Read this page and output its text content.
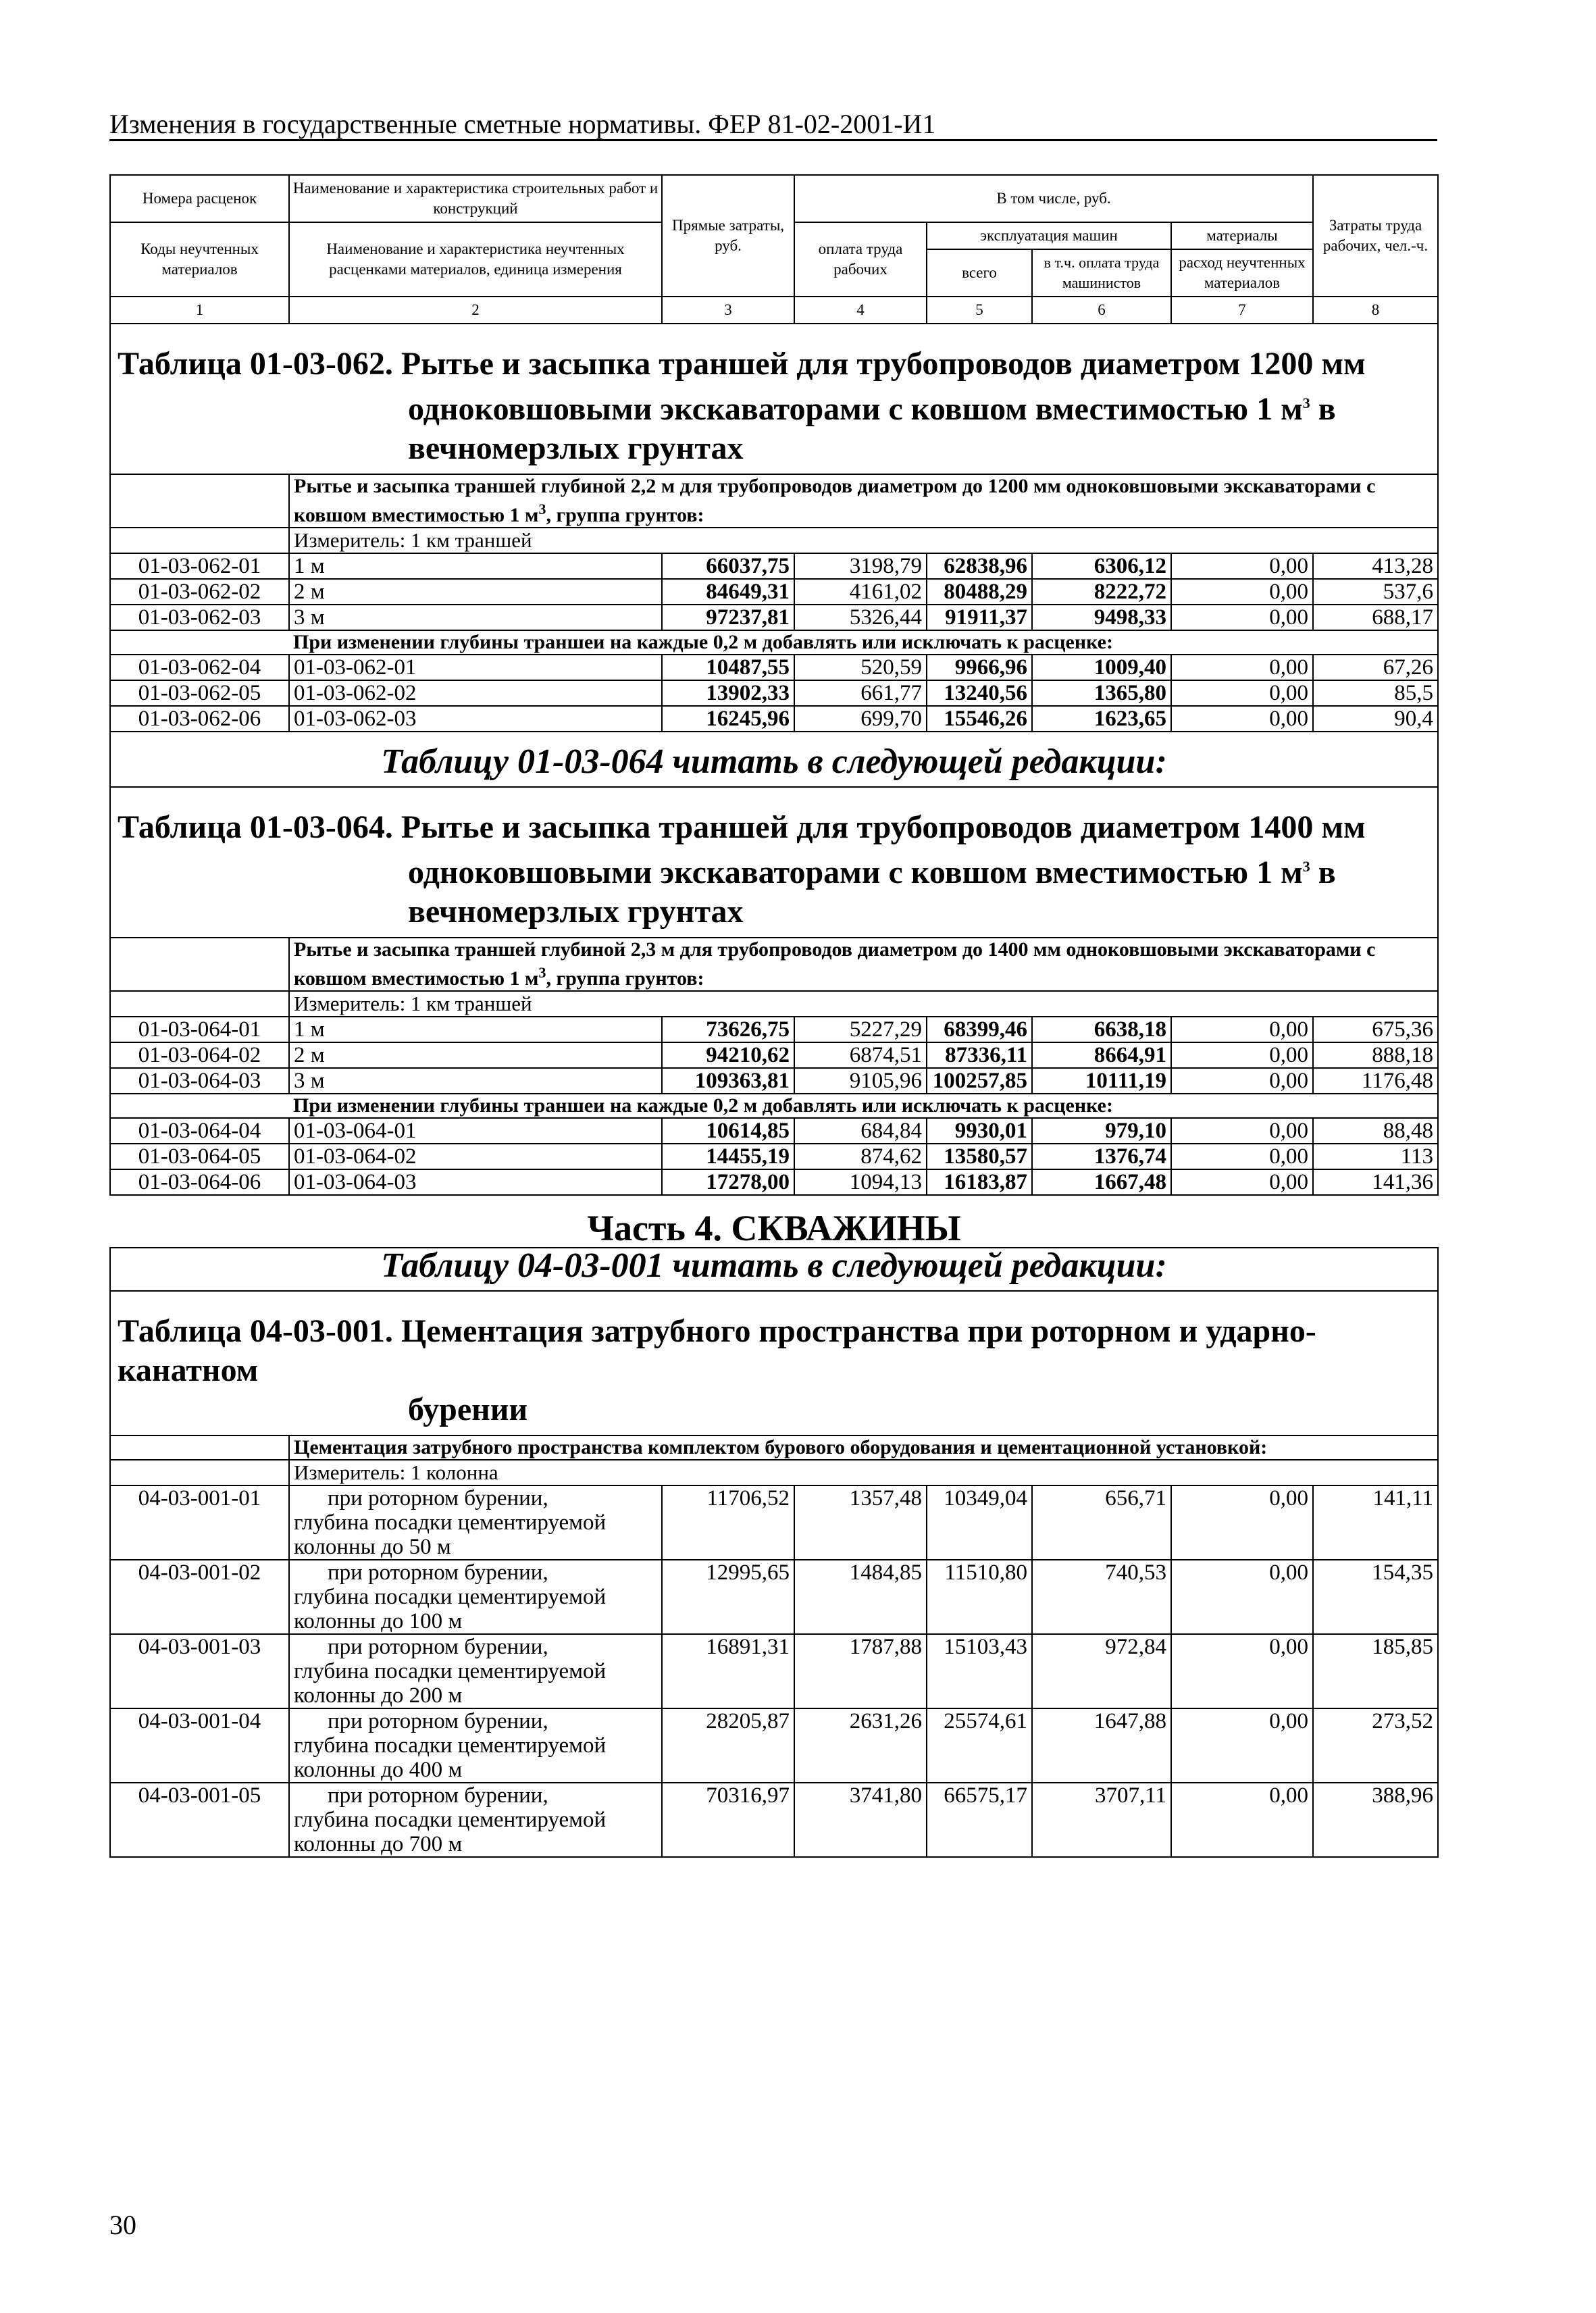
Изменения в государственные сметные нормативы. ФЕР 81-02-2001-И1
Номера расценок	Наименование и характеристика строительных работ и конструкций	Прямые затраты, руб.	В том числе, руб.				Затраты труда рабочих, чел.-ч.
Коды неучтенных материалов	Наименование и характеристика неучтенных расценками материалов, единица измерения		оплата труда рабочих	эксплуатация машин		материалы	
				всего	в т.ч. оплата труда машинистов	расход неучтенных материалов	
1	2	3	4	5	6	7	8
Таблица 01-03-062. Рытье и засыпка траншей для трубопроводов диаметром 1200 мм
одноковшовыми экскаваторами с ковшом вместимостью 1 $м^3$ в
вечномерзлых грунтах							
	Рытье и засыпка траншей глубиной 2,2 м для трубопроводов диаметром до 1200 мм одноковшовыми экскаваторами с ковшом вместимостью 1 $м^3$, группа грунтов:						
	Измеритель: 1 км траншей						
01-03-062-01	1 м	66037,75	3198,79	62838,96	6306,12	0,00	413,28
01-03-062-02	2 м	84649,31	4161,02	80488,29	8222,72	0,00	537,6
01-03-062-03	3 м	97237,81	5326,44	91911,37	9498,33	0,00	688,17
При изменении глубины траншеи на каждые 0,2 м добавлять или исключать к расценке:							
01-03-062-04	01-03-062-01	10487,55	520,59	9966,96	1009,40	0,00	67,26
01-03-062-05	01-03-062-02	13902,33	661,77	13240,56	1365,80	0,00	85,5
01-03-062-06	01-03-062-03	16245,96	699,70	15546,26	1623,65	0,00	90,4
Таблицу 01-03-064 читать в следующей редакции:							
Таблица 01-03-064. Рытье и засыпка траншей для трубопроводов диаметром 1400 мм
одноковшовыми экскаваторами с ковшом вместимостью 1 $м^3$ в
вечномерзлых грунтах							
	Рытье и засыпка траншей глубиной 2,3 м для трубопроводов диаметром до 1400 мм одноковшовыми экскаваторами с ковшом вместимостью 1 $м^3$, группа грунтов:						
	Измеритель: 1 км траншей						
01-03-064-01	1 м	73626,75	5227,29	68399,46	6638,18	0,00	675,36
01-03-064-02	2 м	94210,62	6874,51	87336,11	8664,91	0,00	888,18
01-03-064-03	3 м	109363,81	9105,96	100257,85	10111,19	0,00	1176,48
При изменении глубины траншеи на каждые 0,2 м добавлять или исключать к расценке:							
01-03-064-04	01-03-064-01	10614,85	684,84	9930,01	979,10	0,00	88,48
01-03-064-05	01-03-064-02	14455,19	874,62	13580,57	1376,74	0,00	113
01-03-064-06	01-03-064-03	17278,00	1094,13	16183,87	1667,48	0,00	141,36
Часть 4. СКВАЖИНЫ							
Таблицу 04-03-001 читать в следующей редакции:							
Таблица 04-03-001. Цементация затрубного пространства при роторном и ударно-канатном
бурении							
	Цементация затрубного пространства комплектом бурового оборудования и цементационной установкой:						
	Измеритель: 1 колонна						
04-03-001-01	при роторном бурении,
глубина посадки цементируемой
колонны до 50 м	11706,52	1357,48	10349,04	656,71	0,00	141,11
04-03-001-02	при роторном бурении,
глубина посадки цементируемой
колонны до 100 м	12995,65	1484,85	11510,80	740,53	0,00	154,35
04-03-001-03	при роторном бурении,
глубина посадки цементируемой
колонны до 200 м	16891,31	1787,88	15103,43	972,84	0,00	185,85
04-03-001-04	при роторном бурении,
глубина посадки цементируемой
колонны до 400 м	28205,87	2631,26	25574,61	1647,88	0,00	273,52
04-03-001-05	при роторном бурении,
глубина посадки цементируемой
колонны до 700 м	70316,97	3741,80	66575,17	3707,11	0,00	388,96
30
